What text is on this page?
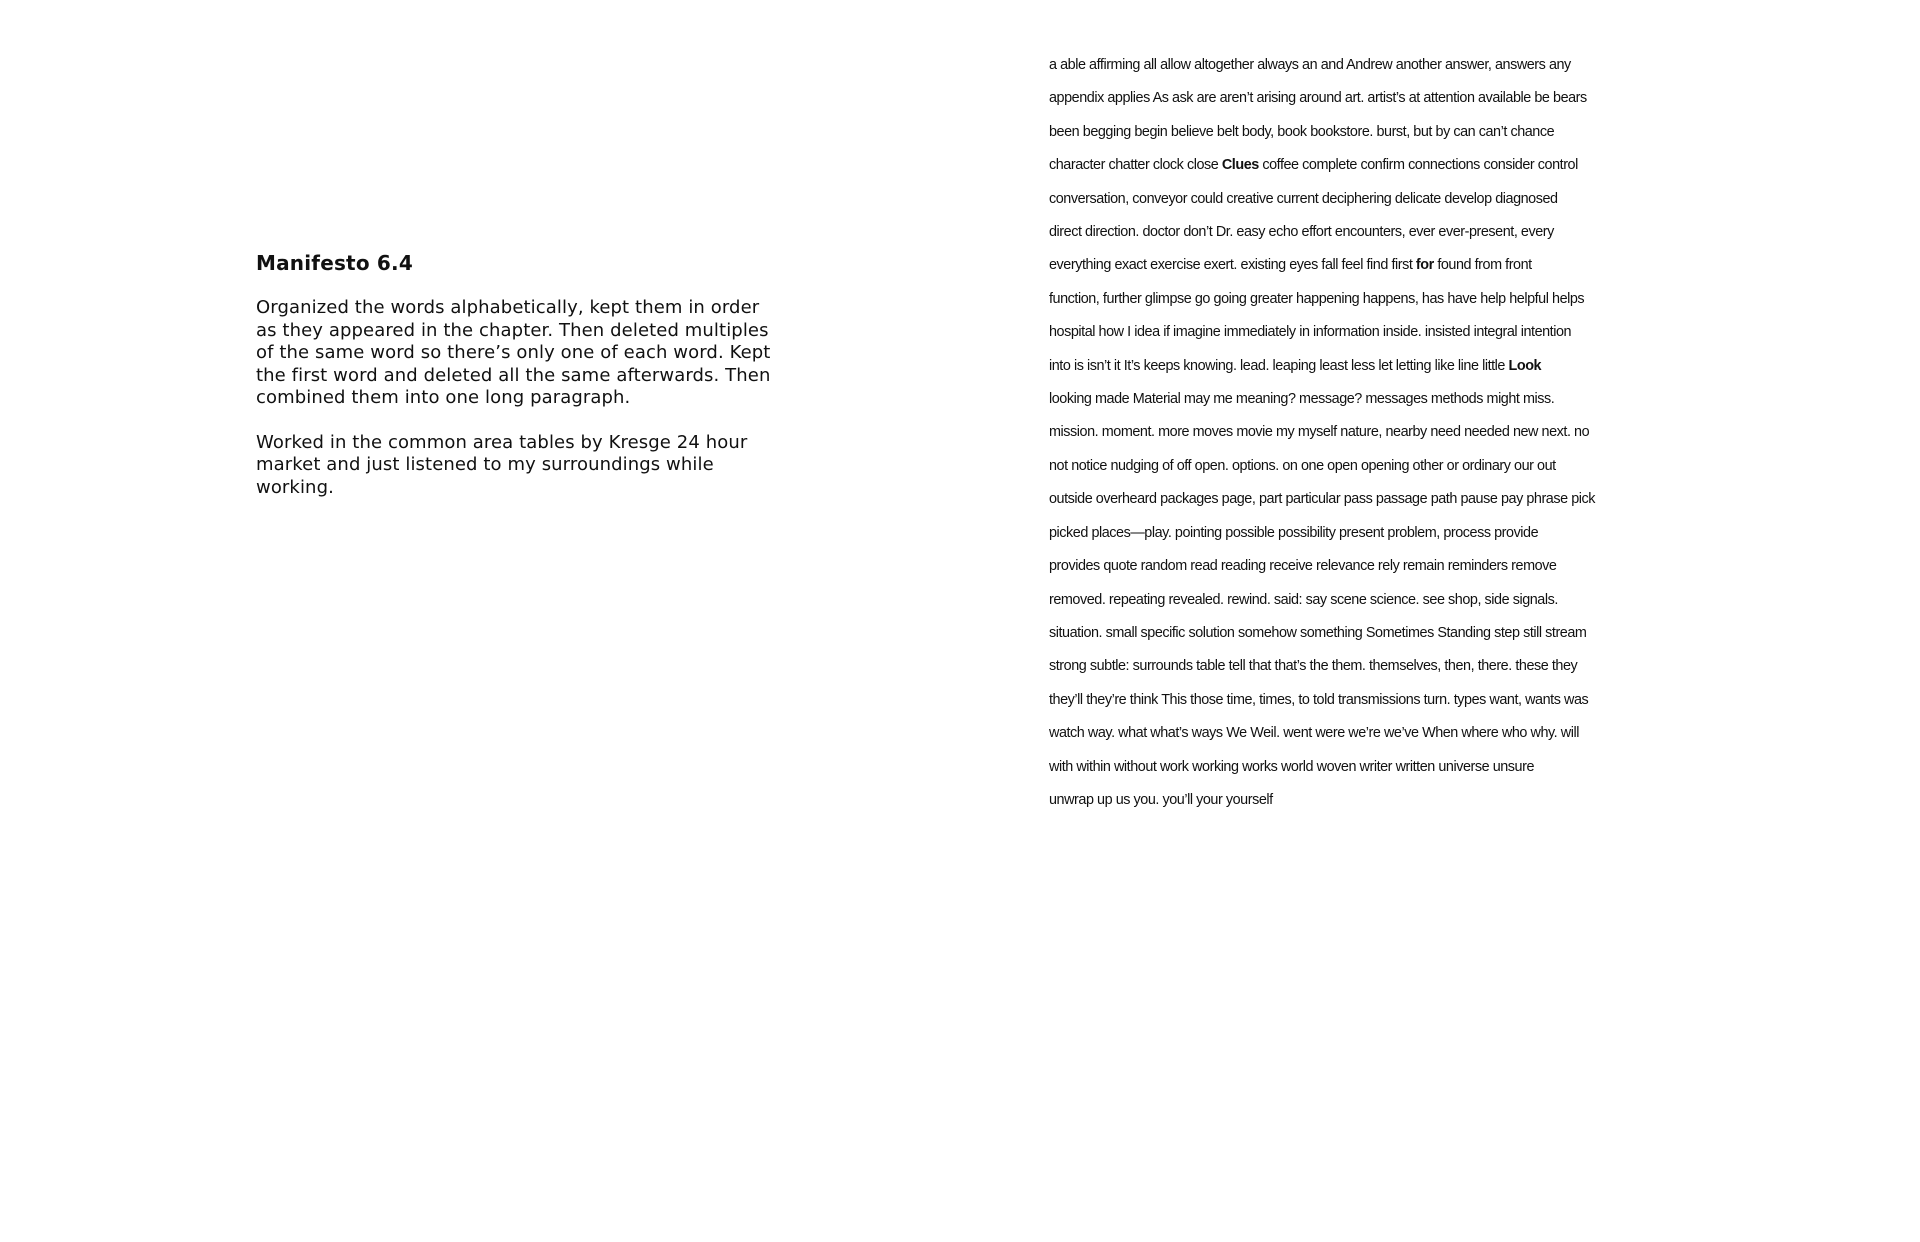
Manifesto 6.4

Organized the words alphabetically, kept them in order as they appeared in the chapter. Then deleted multiples of the same word so there’s only one of each word. Kept the first word and deleted all the same afterwards. Then combined them into one long paragraph.

Worked in the common area tables by Kresge 24 hour market and just listened to my surroundings while working.

a able affirming all allow altogether always an and Andrew another answer, answers any
appendix applies As ask are aren’t arising around art. artist’s at attention available be bears
been begging begin believe belt body, book bookstore. burst, but by can can’t chance
character chatter clock close Clues coffee complete confirm connections consider control
conversation, conveyor could creative current deciphering delicate develop diagnosed
direct direction. doctor don’t Dr. easy echo effort encounters, ever ever-present, every
everything exact exercise exert. existing eyes fall feel find first for found from front
function, further glimpse go going greater happening happens, has have help helpful helps
hospital how I idea if imagine immediately in information inside. insisted integral intention
into is isn’t it It’s keeps knowing. lead. leaping least less let letting like line little Look
looking made Material may me meaning? message? messages methods might miss.
mission. moment. more moves movie my myself nature, nearby need needed new next. no
not notice nudging of off open. options. on one open opening other or ordinary our out
outside overheard packages page, part particular pass passage path pause pay phrase pick
picked places—play. pointing possible possibility present problem, process provide
provides quote random read reading receive relevance rely remain reminders remove
removed. repeating revealed. rewind. said: say scene science. see shop, side signals.
situation. small specific solution somehow something Sometimes Standing step still stream
strong subtle: surrounds table tell that that’s the them. themselves, then, there. these they
they’ll they’re think This those time, times, to told transmissions turn. types want, wants was
watch way. what what’s ways We Weil. went were we’re we’ve When where who why. will
with within without work working works world woven writer written universe unsure
unwrap up us you. you’ll your yourself
